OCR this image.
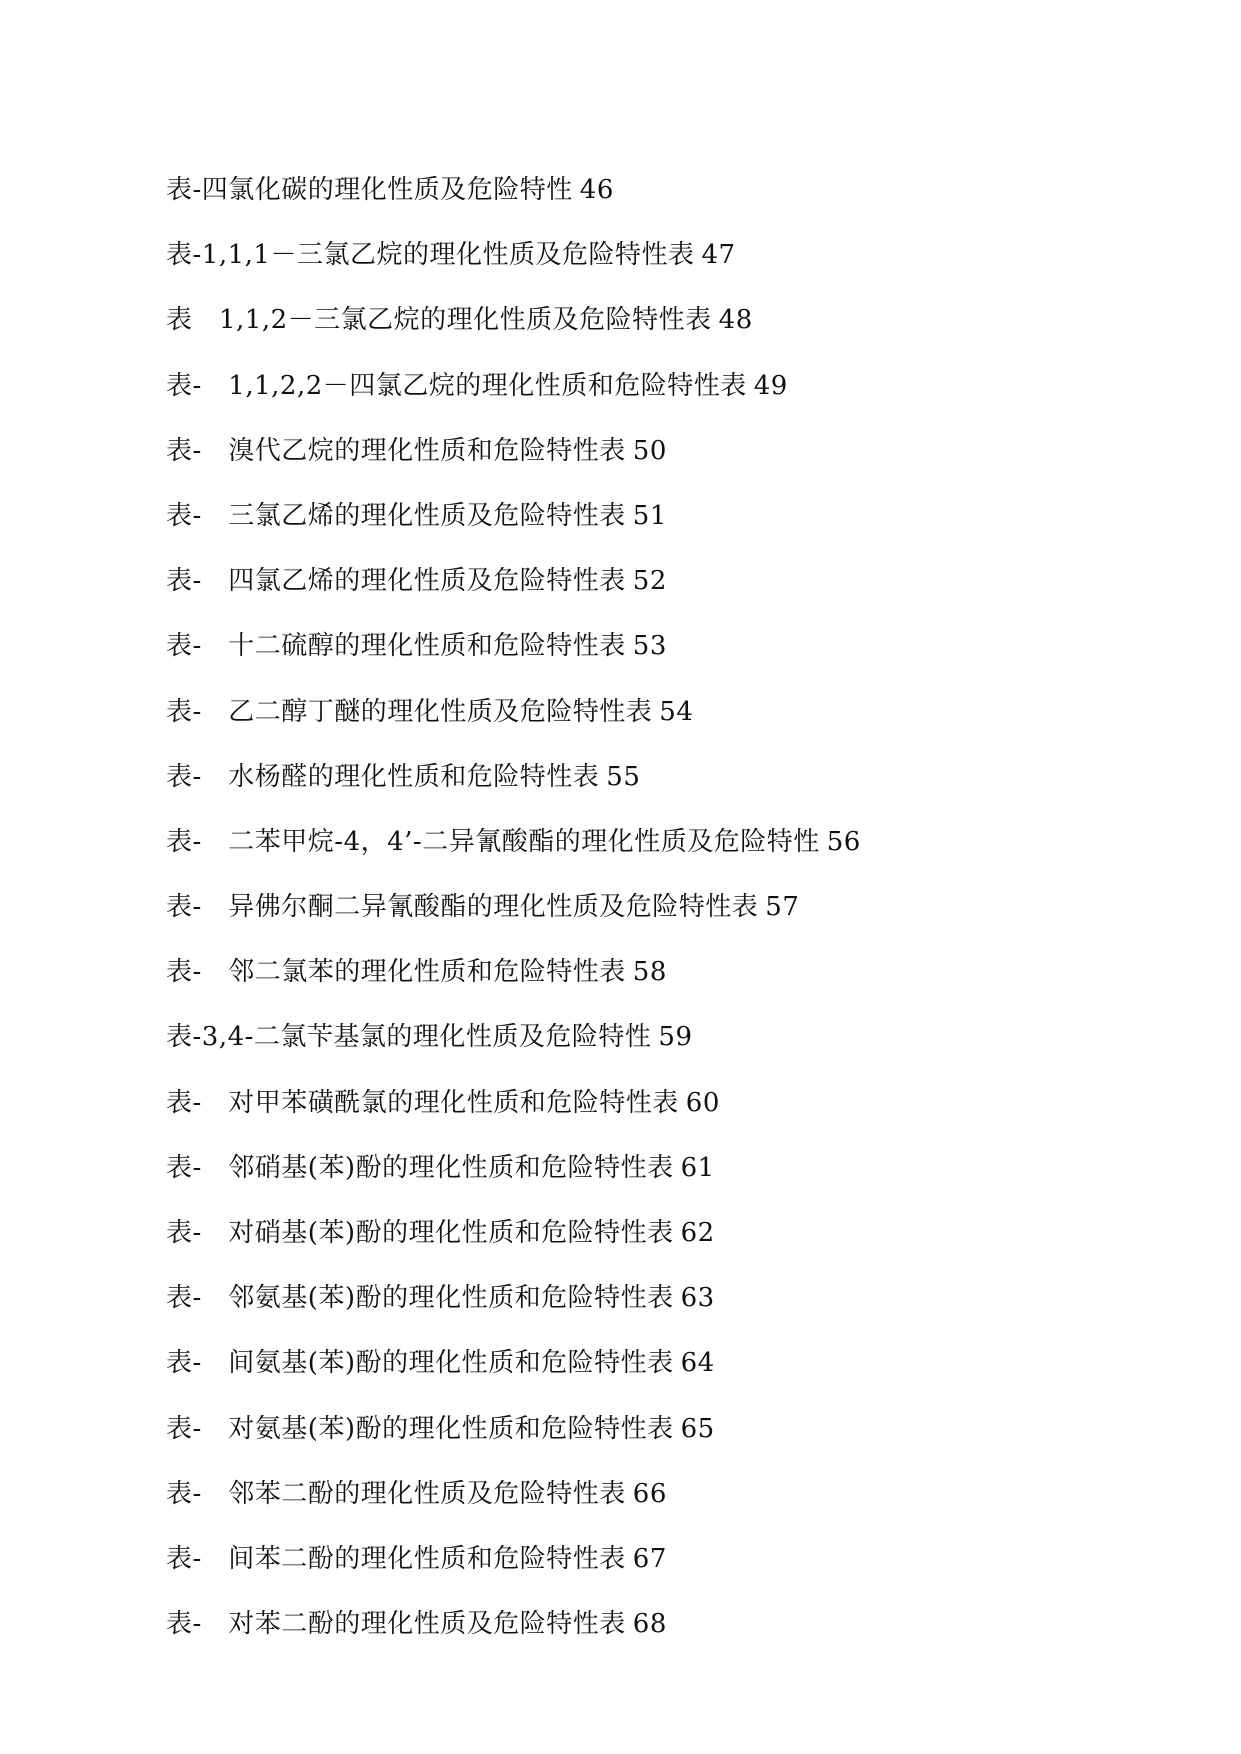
表-四氯化碳的理化性质及危险特性 46
表-1,1,1－三氯乙烷的理化性质及危险特性表 47
表　1,1,2－三氯乙烷的理化性质及危险特性表 48
表-　1,1,2,2－四氯乙烷的理化性质和危险特性表 49
表-　溴代乙烷的理化性质和危险特性表 50
表-　三氯乙烯的理化性质及危险特性表 51
表-　四氯乙烯的理化性质及危险特性表 52
表-　十二硫醇的理化性质和危险特性表 53
表-　乙二醇丁醚的理化性质及危险特性表 54
表-　水杨醛的理化性质和危险特性表 55
表-　二苯甲烷-4，4’-二异氰酸酯的理化性质及危险特性 56
表-　异佛尔酮二异氰酸酯的理化性质及危险特性表 57
表-　邻二氯苯的理化性质和危险特性表 58
表-3,4-二氯苄基氯的理化性质及危险特性 59
表-　对甲苯磺酰氯的理化性质和危险特性表 60
表-　邻硝基(苯)酚的理化性质和危险特性表 61
表-　对硝基(苯)酚的理化性质和危险特性表 62
表-　邻氨基(苯)酚的理化性质和危险特性表 63
表-　间氨基(苯)酚的理化性质和危险特性表 64
表-　对氨基(苯)酚的理化性质和危险特性表 65
表-　邻苯二酚的理化性质及危险特性表 66
表-　间苯二酚的理化性质和危险特性表 67
表-　对苯二酚的理化性质及危险特性表 68
